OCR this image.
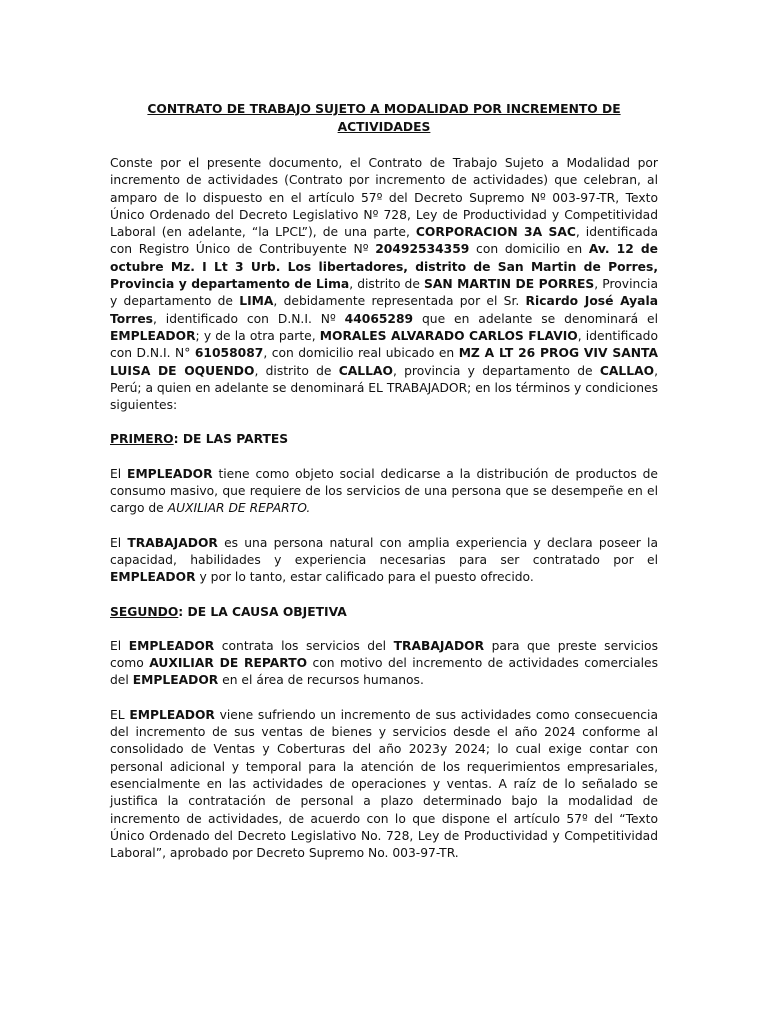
CONTRATO DE TRABAJO SUJETO A MODALIDAD POR INCREMENTO DE
ACTIVIDADES

Conste por el presente documento, el Contrato de Trabajo Sujeto a Modalidad por incremento de actividades (Contrato por incremento de actividades) que celebran, al amparo de lo dispuesto en el artículo 57º del Decreto Supremo Nº 003-97-TR, Texto Único Ordenado del Decreto Legislativo Nº 728, Ley de Productividad y Competitividad Laboral (en adelante, “la LPCL”), de una parte, CORPORACION 3A SAC, identificada con Registro Único de Contribuyente Nº 20492534359 con domicilio en Av. 12 de octubre Mz. I Lt 3 Urb. Los libertadores, distrito de San Martin de Porres, Provincia y departamento de Lima, distrito de SAN MARTIN DE PORRES, Provincia y departamento de LIMA, debidamente representada por el Sr. Ricardo José Ayala Torres, identificado con D.N.I. Nº 44065289 que en adelante se denominará el EMPLEADOR; y de la otra parte, MORALES ALVARADO CARLOS FLAVIO, identificado con D.N.I. N° 61058087, con domicilio real ubicado en MZ A LT 26 PROG VIV SANTA LUISA DE OQUENDO, distrito de CALLAO, provincia y departamento de CALLAO, Perú; a quien en adelante se denominará EL TRABAJADOR; en los términos y condiciones siguientes:

PRIMERO: DE LAS PARTES

El EMPLEADOR tiene como objeto social dedicarse a la distribución de productos de consumo masivo, que requiere de los servicios de una persona que se desempeñe en el cargo de AUXILIAR DE REPARTO.

El TRABAJADOR es una persona natural con amplia experiencia y declara poseer la capacidad, habilidades y experiencia necesarias para ser contratado por el EMPLEADOR y por lo tanto, estar calificado para el puesto ofrecido.

SEGUNDO: DE LA CAUSA OBJETIVA

El EMPLEADOR contrata los servicios del TRABAJADOR para que preste servicios como AUXILIAR DE REPARTO con motivo del incremento de actividades comerciales del EMPLEADOR en el área de recursos humanos.

EL EMPLEADOR viene sufriendo un incremento de sus actividades como consecuencia del incremento de sus ventas de bienes y servicios desde el año 2024 conforme al consolidado de Ventas y Coberturas del año 2023y 2024; lo cual exige contar con personal adicional y temporal para la atención de los requerimientos empresariales, esencialmente en las actividades de operaciones y ventas. A raíz de lo señalado se justifica la contratación de personal a plazo determinado bajo la modalidad de incremento de actividades, de acuerdo con lo que dispone el artículo 57º del “Texto Único Ordenado del Decreto Legislativo No. 728, Ley de Productividad y Competitividad Laboral”, aprobado por Decreto Supremo No. 003-97-TR.
